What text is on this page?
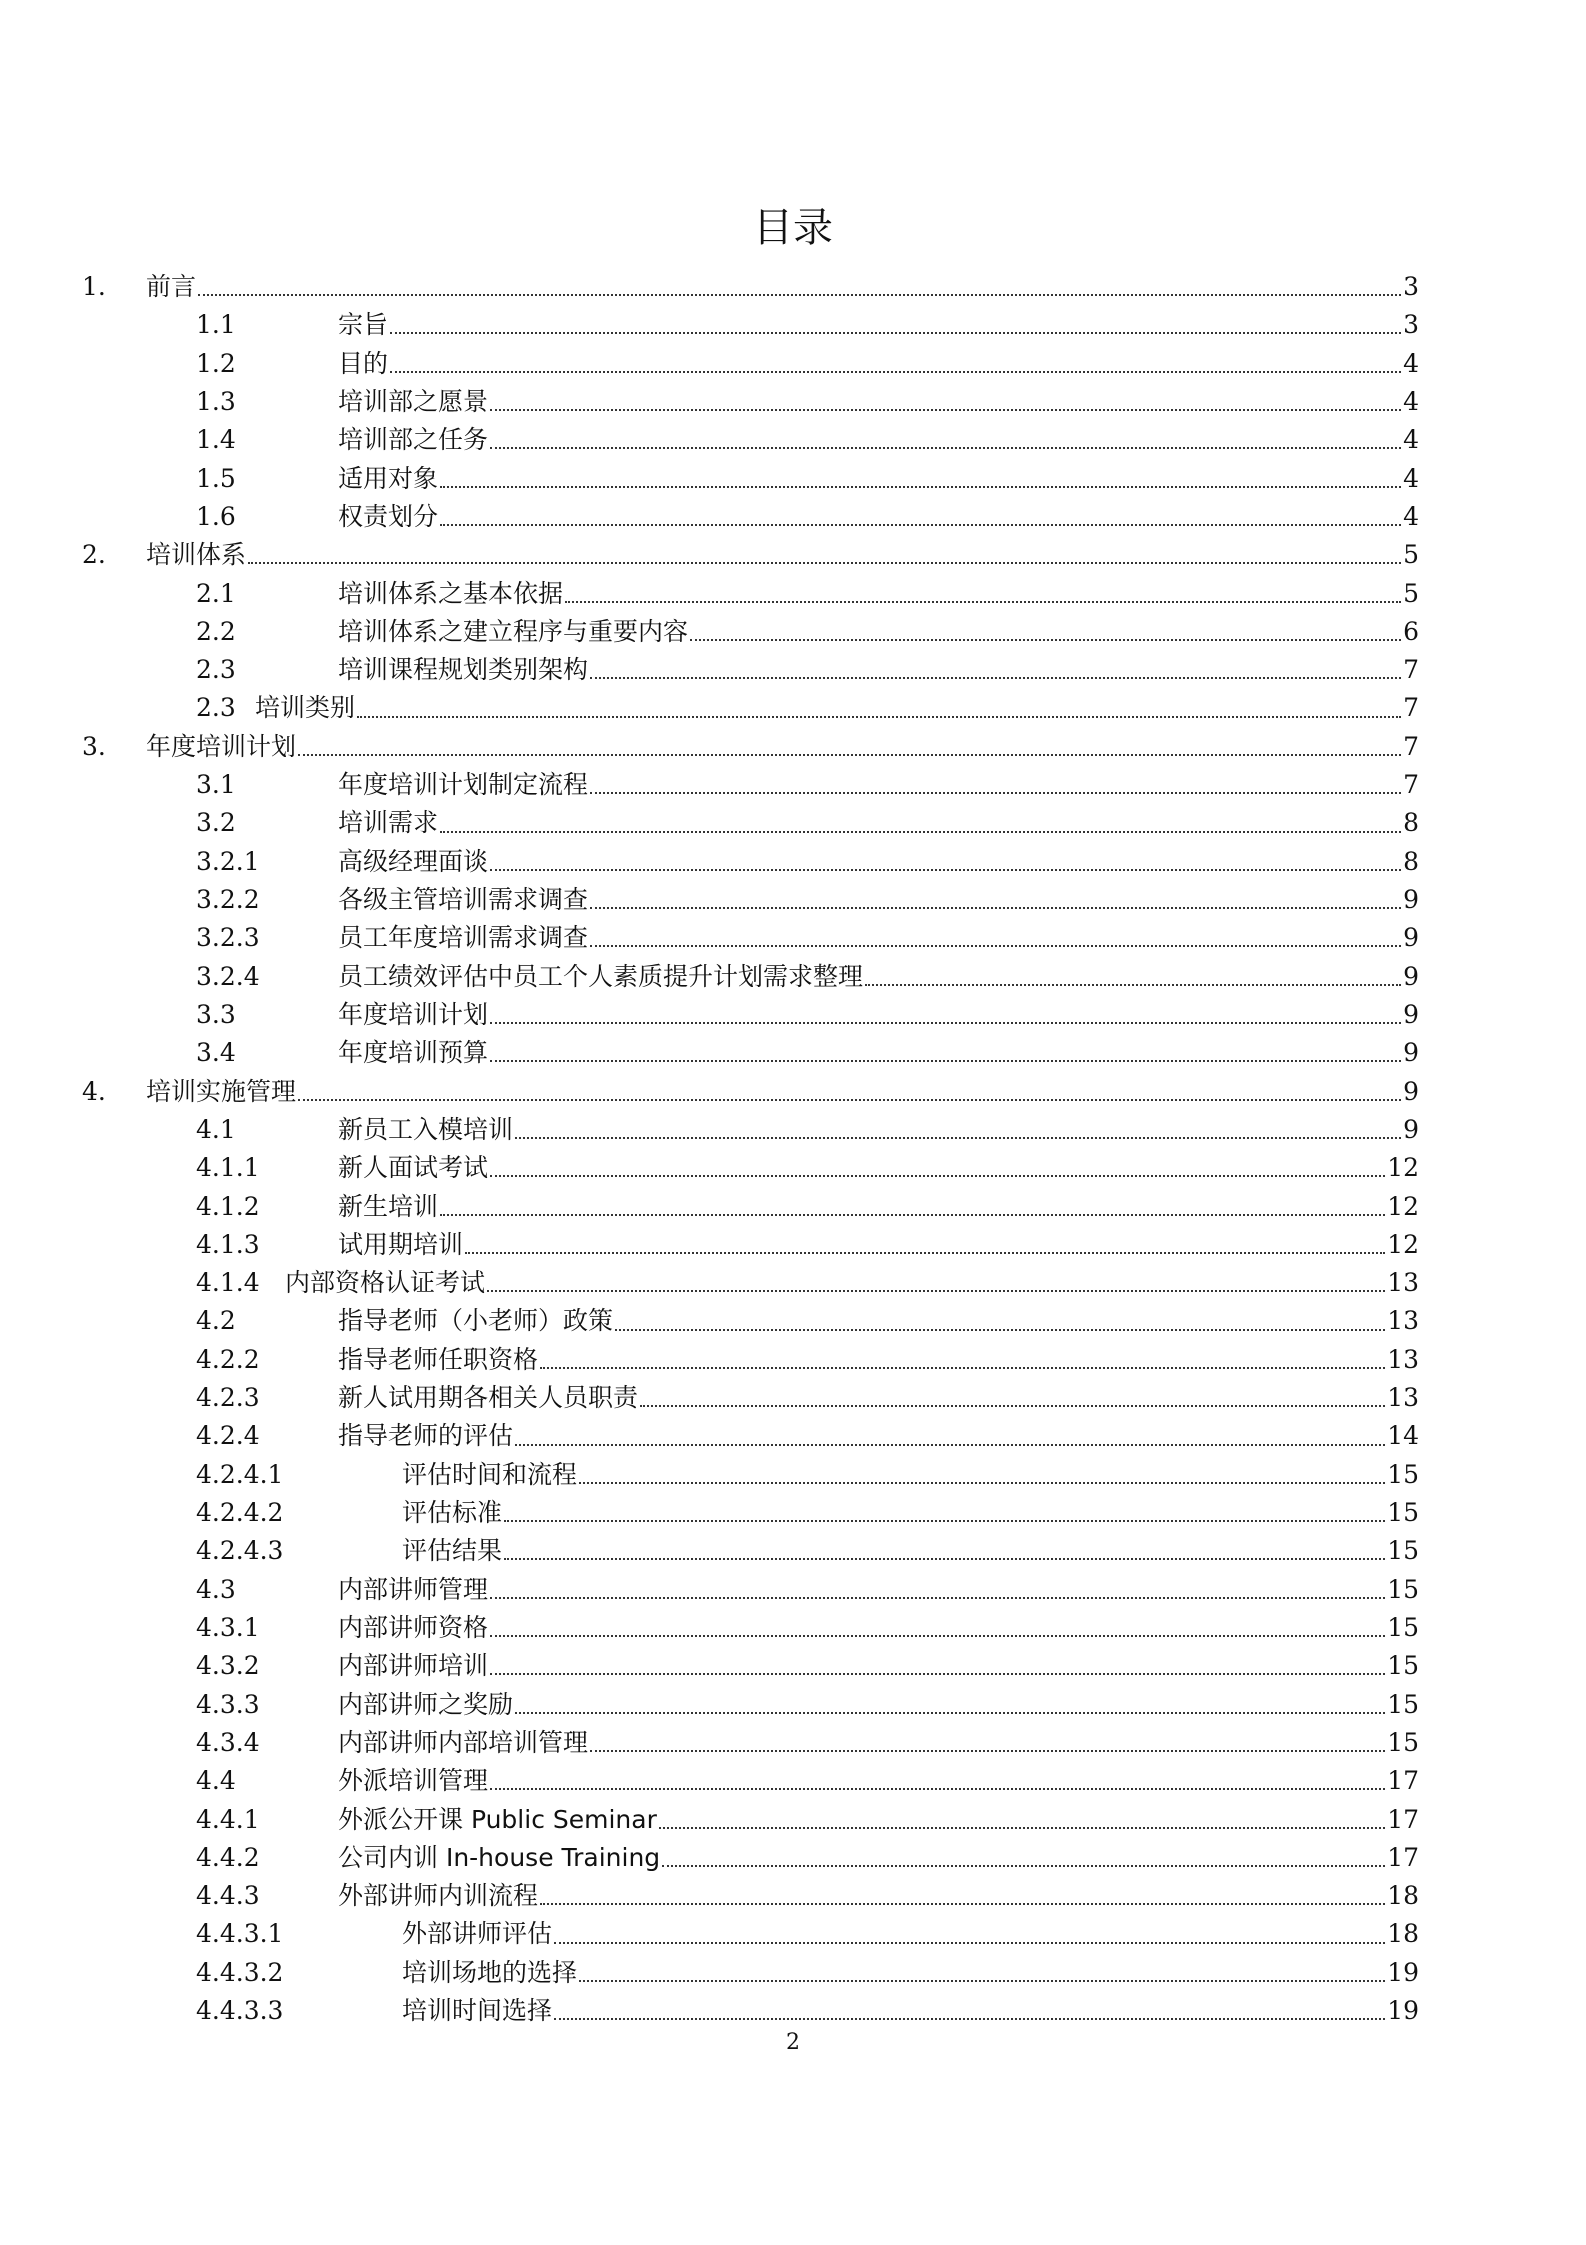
目录
1. 前言	3
1.1	宗旨	3
1.2	目的	4
1.3	培训部之愿景	4
1.4	培训部之任务	4
1.5	适用对象	4
1.6	权责划分	4
2. 培训体系	5
2.1	培训体系之基本依据	5
2.2	培训体系之建立程序与重要内容	6
2.3	培训课程规划类别架构	7
2.3 培训类别	7
3. 年度培训计划	7
3.1	年度培训计划制定流程	7
3.2	培训需求	8
3.2.1	高级经理面谈	8
3.2.2	各级主管培训需求调查	9
3.2.3	员工年度培训需求调查	9
3.2.4	员工绩效评估中员工个人素质提升计划需求整理	9
3.3	年度培训计划	9
3.4	年度培训预算	9
4. 培训实施管理	9
4.1	新员工入模培训	9
4.1.1	新人面试考试	12
4.1.2	新生培训	12
4.1.3	试用期培训	12
4.1.4 内部资格认证考试	13
4.2	指导老师（小老师）政策	13
4.2.2	指导老师任职资格	13
4.2.3	新人试用期各相关人员职责	13
4.2.4	指导老师的评估	14
4.2.4.1	评估时间和流程	15
4.2.4.2	评估标准	15
4.2.4.3	评估结果	15
4.3	内部讲师管理	15
4.3.1	内部讲师资格	15
4.3.2	内部讲师培训	15
4.3.3	内部讲师之奖励	15
4.3.4	内部讲师内部培训管理	15
4.4	外派培训管理	17
4.4.1	外派公开课 Public Seminar	17
4.4.2	公司内训 In-house Training	17
4.4.3	外部讲师内训流程	18
4.4.3.1	外部讲师评估	18
4.4.3.2	培训场地的选择	19
4.4.3.3	培训时间选择	19
2
